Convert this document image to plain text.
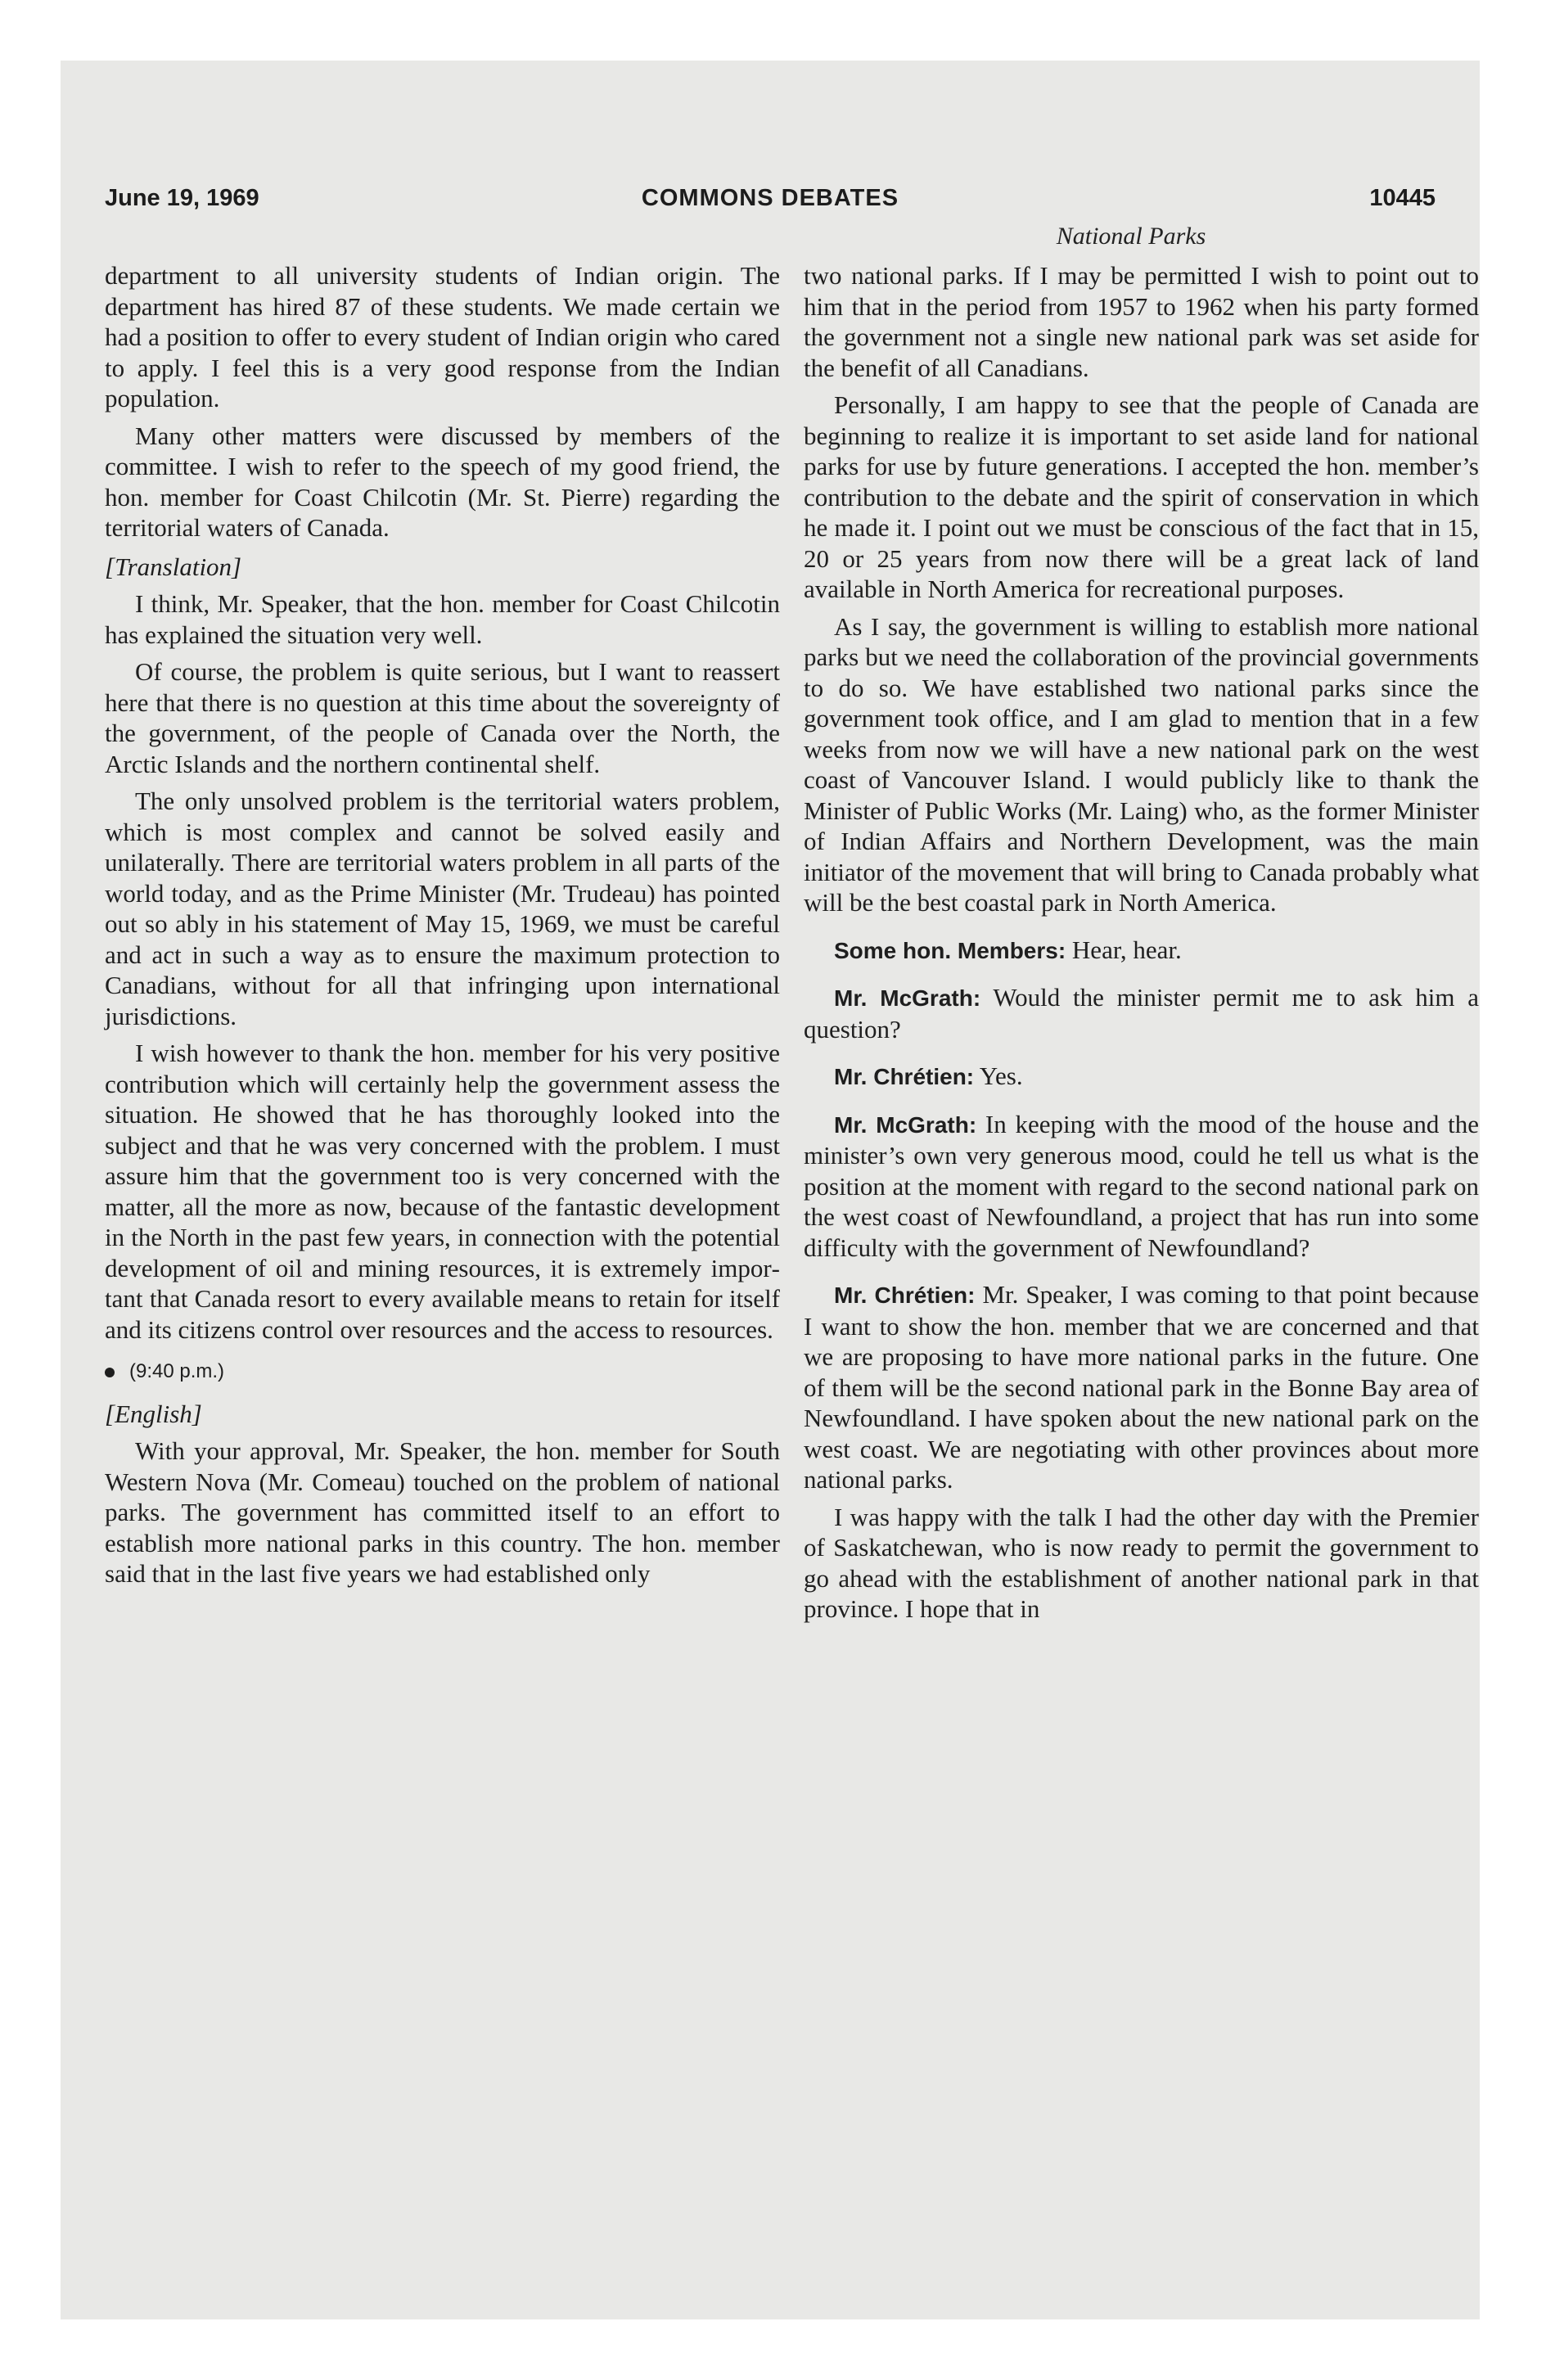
June 19, 1969	COMMONS DEBATES	10445
National Parks

department to all university students of Indian origin. The department has hired 87 of these students. We made certain we had a position to offer to every student of Indian origin who cared to apply. I feel this is a very good response from the Indian population.

Many other matters were discussed by members of the committee. I wish to refer to the speech of my good friend, the hon. member for Coast Chilcotin (Mr. St. Pierre) regarding the territorial waters of Canada.

[Translation]

I think, Mr. Speaker, that the hon. member for Coast Chilcotin has explained the situation very well.

Of course, the problem is quite serious, but I want to reassert here that there is no question at this time about the sovereignty of the government, of the people of Canada over the North, the Arctic Islands and the northern continental shelf.

The only unsolved problem is the territorial waters problem, which is most complex and cannot be solved easily and unilaterally. There are territorial waters problem in all parts of the world today, and as the Prime Minister (Mr. Trudeau) has pointed out so ably in his statement of May 15, 1969, we must be careful and act in such a way as to ensure the maximum protection to Canadians, without for all that infringing upon international jurisdictions.

I wish however to thank the hon. member for his very positive contribution which will certainly help the government assess the situation. He showed that he has thoroughly looked into the subject and that he was very concerned with the problem. I must assure him that the government too is very concerned with the matter, all the more as now, because of the fantastic development in the North in the past few years, in connection with the potential development of oil and mining resources, it is extremely important that Canada resort to every available means to retain for itself and its citizens control over resources and the access to resources.

(9:40 p.m.)

[English]

With your approval, Mr. Speaker, the hon. member for South Western Nova (Mr. Comeau) touched on the problem of national parks. The government has committed itself to an effort to establish more national parks in this country. The hon. member said that in the last five years we had established only

two national parks. If I may be permitted I wish to point out to him that in the period from 1957 to 1962 when his party formed the government not a single new national park was set aside for the benefit of all Canadians.

Personally, I am happy to see that the people of Canada are beginning to realize it is important to set aside land for national parks for use by future generations. I accepted the hon. member’s contribution to the debate and the spirit of conservation in which he made it. I point out we must be conscious of the fact that in 15, 20 or 25 years from now there will be a great lack of land available in North America for recreational purposes.

As I say, the government is willing to establish more national parks but we need the collaboration of the provincial governments to do so. We have established two national parks since the government took office, and I am glad to mention that in a few weeks from now we will have a new national park on the west coast of Vancouver Island. I would publicly like to thank the Minister of Public Works (Mr. Laing) who, as the former Minister of Indian Affairs and Northern Development, was the main initiator of the movement that will bring to Canada probably what will be the best coastal park in North America.

Some hon. Members: Hear, hear.

Mr. McGrath: Would the minister permit me to ask him a question?

Mr. Chrétien: Yes.

Mr. McGrath: In keeping with the mood of the house and the minister’s own very generous mood, could he tell us what is the position at the moment with regard to the second national park on the west coast of Newfoundland, a project that has run into some difficulty with the government of Newfoundland?

Mr. Chrétien: Mr. Speaker, I was coming to that point because I want to show the hon. member that we are concerned and that we are proposing to have more national parks in the future. One of them will be the second national park in the Bonne Bay area of Newfoundland. I have spoken about the new national park on the west coast. We are negotiating with other provinces about more national parks.

I was happy with the talk I had the other day with the Premier of Saskatchewan, who is now ready to permit the government to go ahead with the establishment of another national park in that province. I hope that in
